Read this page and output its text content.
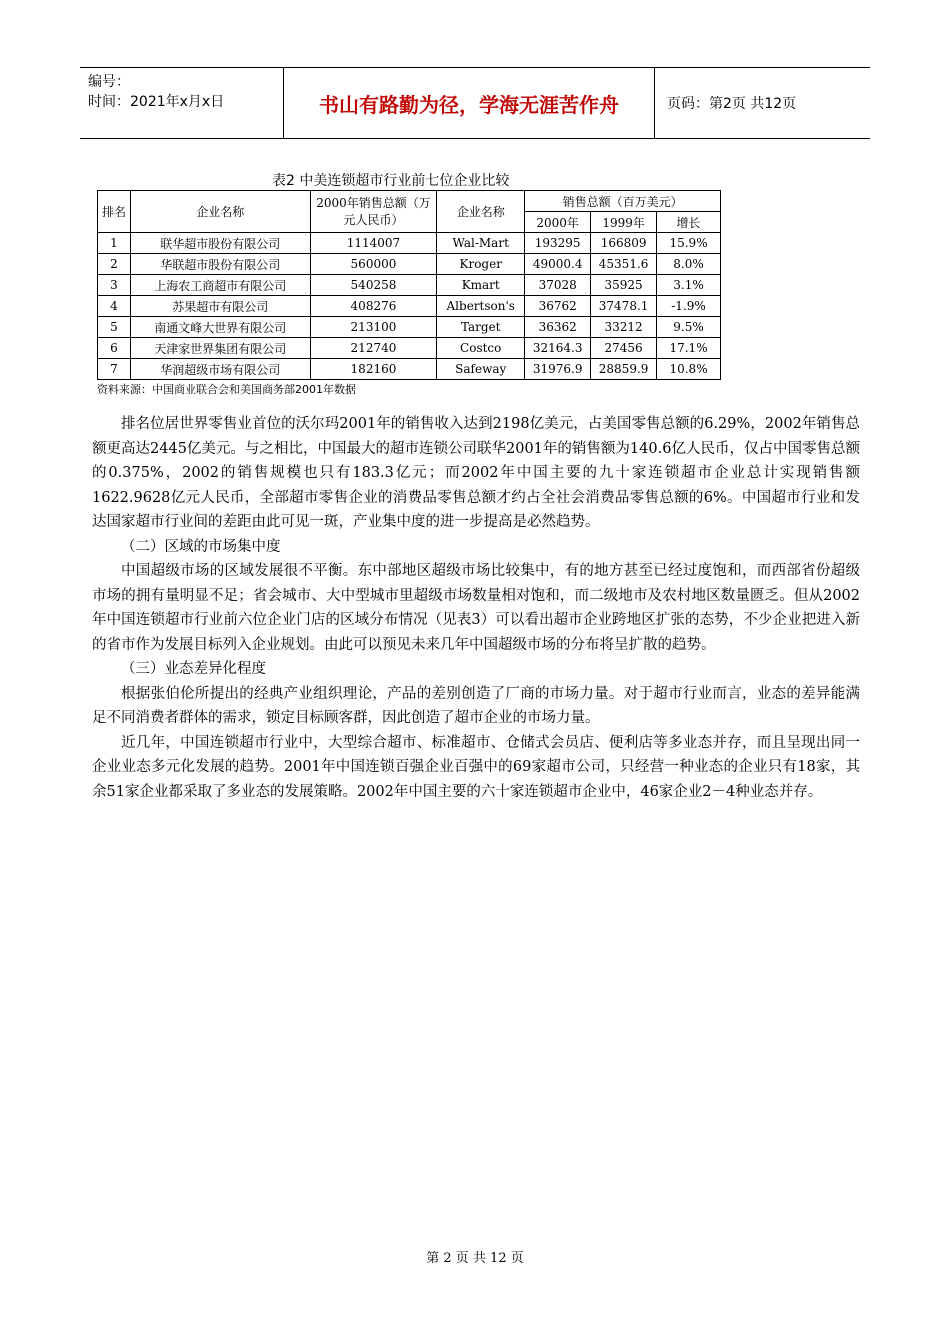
编号：
时间：2021年x月x日	书山有路勤为径，学海无涯苦作舟	页码：第2页 共12页
表2 中美连锁超市行业前七位企业比较
排名	企业名称	2000年销售总额（万元人民币）	企业名称	销售总额（百万美元）		
				2000年	1999年	增长
1	联华超市股份有限公司	1114007	Wal-Mart	193295	166809	15.9%
2	华联超市股份有限公司	560000	Kroger	49000.4	45351.6	8.0%
3	上海农工商超市有限公司	540258	Kmart	37028	35925	3.1%
4	苏果超市有限公司	408276	Albertson's	36762	37478.1	-1.9%
5	南通文峰大世界有限公司	213100	Target	36362	33212	9.5%
6	天津家世界集团有限公司	212740	Costco	32164.3	27456	17.1%
7	华润超级市场有限公司	182160	Safeway	31976.9	28859.9	10.8%
资料来源：中国商业联合会和美国商务部2001年数据

排名位居世界零售业首位的沃尔玛2001年的销售收入达到2198亿美元，占美国零售总额的6.29%，2002年销售总额更高达2445亿美元。与之相比，中国最大的超市连锁公司联华2001年的销售额为140.6亿人民币，仅占中国零售总额的0.375%，2002的销售规模也只有183.3亿元；而2002年中国主要的九十家连锁超市企业总计实现销售额1622.9628亿元人民币，全部超市零售企业的消费品零售总额才约占全社会消费品零售总额的6%。中国超市行业和发达国家超市行业间的差距由此可见一斑，产业集中度的进一步提高是必然趋势。

（二）区域的市场集中度

中国超级市场的区域发展很不平衡。东中部地区超级市场比较集中，有的地方甚至已经过度饱和，而西部省份超级市场的拥有量明显不足；省会城市、大中型城市里超级市场数量相对饱和，而二级地市及农村地区数量匮乏。但从2002年中国连锁超市行业前六位企业门店的区域分布情况（见表3）可以看出超市企业跨地区扩张的态势，不少企业把进入新的省市作为发展目标列入企业规划。由此可以预见未来几年中国超级市场的分布将呈扩散的趋势。

（三）业态差异化程度

根据张伯伦所提出的经典产业组织理论，产品的差别创造了厂商的市场力量。对于超市行业而言，业态的差异能满足不同消费者群体的需求，锁定目标顾客群，因此创造了超市企业的市场力量。

近几年，中国连锁超市行业中，大型综合超市、标准超市、仓储式会员店、便利店等多业态并存，而且呈现出同一企业业态多元化发展的趋势。2001年中国连锁百强企业百强中的69家超市公司，只经营一种业态的企业只有18家，其余51家企业都采取了多业态的发展策略。2002年中国主要的六十家连锁超市企业中，46家企业2－4种业态并存。

第 2 页 共 12 页
